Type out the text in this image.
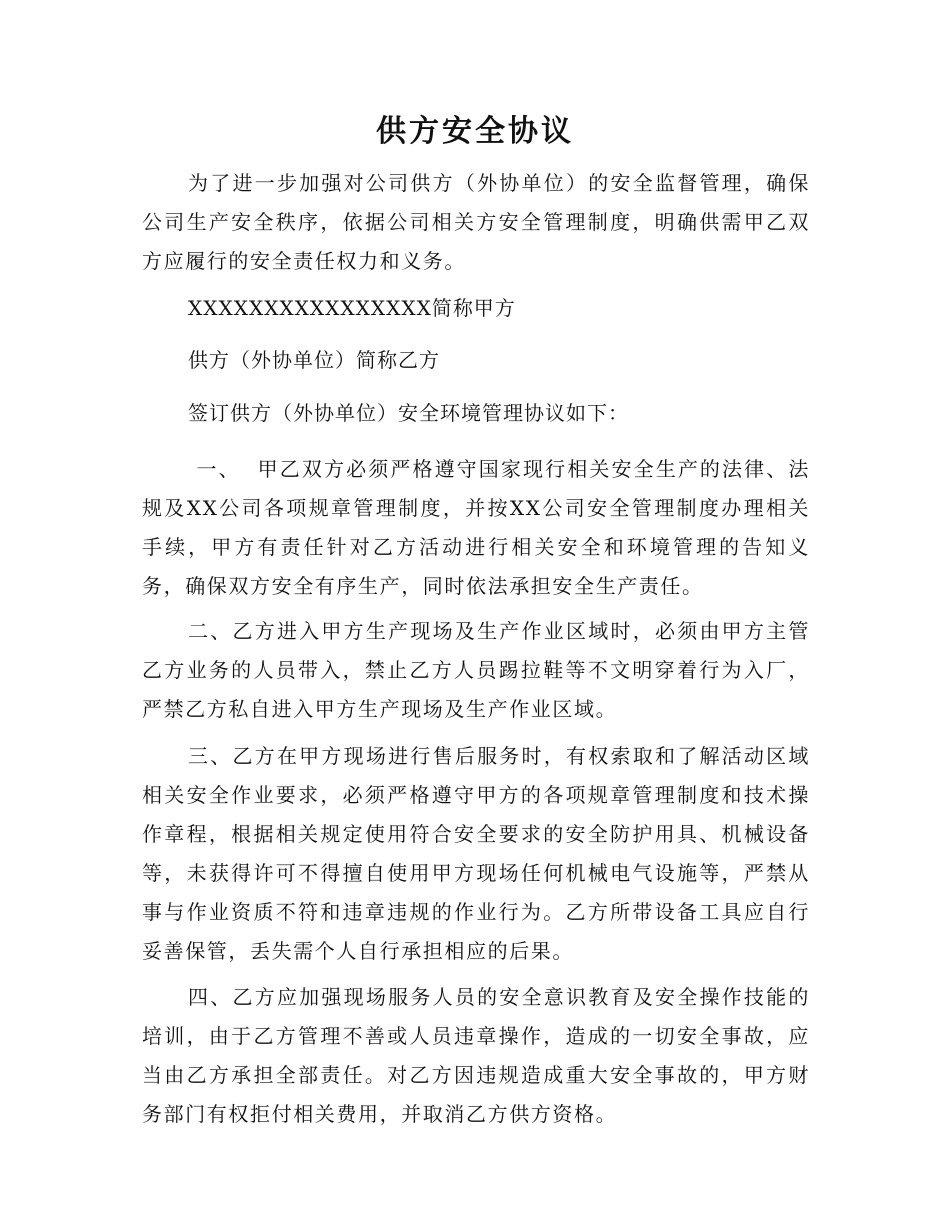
供方安全协议

为了进一步加强对公司供方（外协单位）的安全监督管理，确保公司生产安全秩序，依据公司相关方安全管理制度，明确供需甲乙双方应履行的安全责任权力和义务。

XXXXXXXXXXXXXXXX简称甲方

供方（外协单位）简称乙方

签订供方（外协单位）安全环境管理协议如下：

一、  甲乙双方必须严格遵守国家现行相关安全生产的法律、法规及XX公司各项规章管理制度，并按XX公司安全管理制度办理相关手续，甲方有责任针对乙方活动进行相关安全和环境管理的告知义务，确保双方安全有序生产，同时依法承担安全生产责任。

二、乙方进入甲方生产现场及生产作业区域时，必须由甲方主管乙方业务的人员带入，禁止乙方人员踢拉鞋等不文明穿着行为入厂，严禁乙方私自进入甲方生产现场及生产作业区域。

三、乙方在甲方现场进行售后服务时，有权索取和了解活动区域相关安全作业要求，必须严格遵守甲方的各项规章管理制度和技术操作章程，根据相关规定使用符合安全要求的安全防护用具、机械设备等，未获得许可不得擅自使用甲方现场任何机械电气设施等，严禁从事与作业资质不符和违章违规的作业行为。乙方所带设备工具应自行妥善保管，丢失需个人自行承担相应的后果。

四、乙方应加强现场服务人员的安全意识教育及安全操作技能的培训，由于乙方管理不善或人员违章操作，造成的一切安全事故，应当由乙方承担全部责任。对乙方因违规造成重大安全事故的，甲方财务部门有权拒付相关费用，并取消乙方供方资格。
